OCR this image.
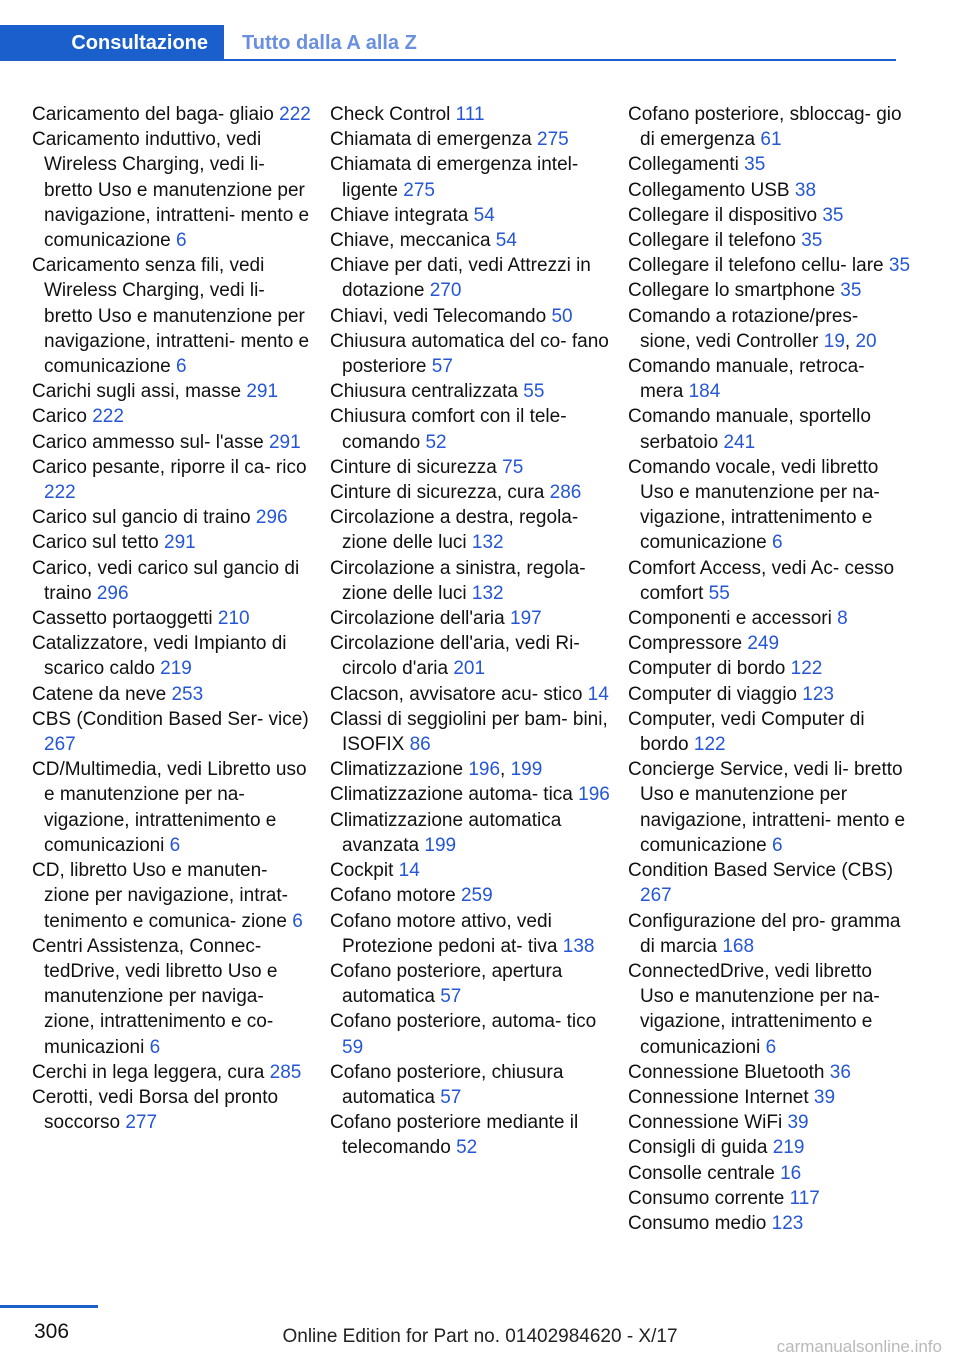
Consultazione	Tutto dalla A alla Z
Caricamento del baga- gliaio 222
Caricamento induttivo, vedi Wireless Charging, vedi li- bretto Uso e manutenzione per navigazione, intratteni- mento e comunicazione 6
Caricamento senza fili, vedi Wireless Charging, vedi li- bretto Uso e manutenzione per navigazione, intratteni- mento e comunicazione 6
Carichi sugli assi, masse 291
Carico 222
Carico ammesso sul- l'asse 291
Carico pesante, riporre il ca- rico 222
Carico sul gancio di traino 296
Carico sul tetto 291
Carico, vedi carico sul gancio di traino 296
Cassetto portaoggetti 210
Catalizzatore, vedi Impianto di scarico caldo 219
Catene da neve 253
CBS (Condition Based Ser- vice) 267
CD/Multimedia, vedi Libretto uso e manutenzione per na- vigazione, intrattenimento e comunicazioni 6
CD, libretto Uso e manuten- zione per navigazione, intrat- tenimento e comunica- zione 6
Centri Assistenza, Connec- tedDrive, vedi libretto Uso e manutenzione per naviga- zione, intrattenimento e co- municazioni 6
Cerchi in lega leggera, cura 285
Cerotti, vedi Borsa del pronto soccorso 277
Check Control 111
Chiamata di emergenza 275
Chiamata di emergenza intel- ligente 275
Chiave integrata 54
Chiave, meccanica 54
Chiave per dati, vedi Attrezzi in dotazione 270
Chiavi, vedi Telecomando 50
Chiusura automatica del co- fano posteriore 57
Chiusura centralizzata 55
Chiusura comfort con il tele- comando 52
Cinture di sicurezza 75
Cinture di sicurezza, cura 286
Circolazione a destra, regola- zione delle luci 132
Circolazione a sinistra, regola- zione delle luci 132
Circolazione dell'aria 197
Circolazione dell'aria, vedi Ri- circolo d'aria 201
Clacson, avvisatore acu- stico 14
Classi di seggiolini per bam- bini, ISOFIX 86
Climatizzazione 196, 199
Climatizzazione automa- tica 196
Climatizzazione automatica avanzata 199
Cockpit 14
Cofano motore 259
Cofano motore attivo, vedi Protezione pedoni at- tiva 138
Cofano posteriore, apertura automatica 57
Cofano posteriore, automa- tico 59
Cofano posteriore, chiusura automatica 57
Cofano posteriore mediante il telecomando 52
Cofano posteriore, sbloccag- gio di emergenza 61
Collegamenti 35
Collegamento USB 38
Collegare il dispositivo 35
Collegare il telefono 35
Collegare il telefono cellu- lare 35
Collegare lo smartphone 35
Comando a rotazione/pres- sione, vedi Controller 19, 20
Comando manuale, retroca- mera 184
Comando manuale, sportello serbatoio 241
Comando vocale, vedi libretto Uso e manutenzione per na- vigazione, intrattenimento e comunicazione 6
Comfort Access, vedi Ac- cesso comfort 55
Componenti e accessori 8
Compressore 249
Computer di bordo 122
Computer di viaggio 123
Computer, vedi Computer di bordo 122
Concierge Service, vedi li- bretto Uso e manutenzione per navigazione, intratteni- mento e comunicazione 6
Condition Based Service (CBS) 267
Configurazione del pro- gramma di marcia 168
ConnectedDrive, vedi libretto Uso e manutenzione per na- vigazione, intrattenimento e comunicazioni 6
Connessione Bluetooth 36
Connessione Internet 39
Connessione WiFi 39
Consigli di guida 219
Consolle centrale 16
Consumo corrente 117
Consumo medio 123
306	Online Edition for Part no. 01402984620 - X/17	carmanualsonline.info
